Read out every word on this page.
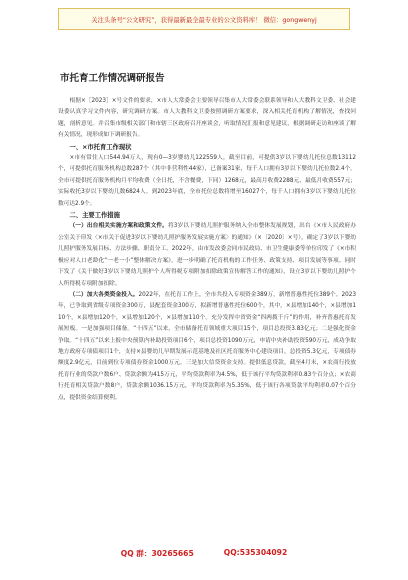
关注头条号“公文研究”，获得最新最全最专业的公文资料库！ 微信：gongwenyj
市托育工作情况调研报告

根据×［2023］×号文件的要求，×市人大常委会主要领导召集市人大常委会联系领导和人大教科文卫委、社会建设委认真学习文件内容，研究调研方案。市人大教科文卫委按照调研方案要求，深入相关托育机构了解情况，查找问题，剖析意见。并召集市级相关部门和市辖三区政府召开座谈会，听取情况汇报和意见建议，根据调研走访和座谈了解有关情况，现形成如下调研报告。

一、×市托育工作现状

×市有常住人口544.94万人，现有0—3岁婴幼儿122559人，截至目前，可提供3岁以下婴幼儿托位总数13112个，可提供托育服务机构总数287个（其中非营利性44家），已备案31家，每千人口拥有3岁以下婴幼儿托位数2.4个。全市可提供托育服务机构月平均收费（全日托，不含餐费，下同）1268元，最高月收费2288元，最低月收费557元；实际收托3岁以下婴幼儿数6824人。到2023年底，全市托位总数将增至16027个，每千人口拥有3岁以下婴幼儿托位数可达2.9个。

二、主要工作措施

（一）出台相关实施方案和政策文件。将3岁以下婴幼儿照护服务纳入全市整体发展规划，出台《×市人民政府办公室关于印发〈×市关于促进3岁以下婴幼儿照护服务发展实施方案〉的通知》（×〔2020〕×号），确定了3岁以下婴幼儿照护服务发展目标、方法步骤、职责分工。2022年，由市发改委会同市民政局、市卫生健康委等单位印发了《×市积极应对人口老龄化“一老一小”整体解决方案》，进一步明确了托育机构的工作任务、政策支持、项目发展等事项。同时下发了《关于做好3岁以下婴幼儿照护个人所得税专项附加扣除政策宣传解答工作的通知》，设立3岁以下婴幼儿照护个人所得税专项附加扣除。

（二）加大各类资金投入。2022年，在托育工作上，全市共投入专项资金389万，新增普惠性托位389个。2023年，已争取到省级专项资金300万，县配套资金300万，拟新增普惠性托位600个，其中，×县增加140个，×县增加110个，×县增加120个，×县增加120个，×县增加110个。充分发挥中省资金“四两拨千斤”的作用，补齐普惠托育发展短板。一是加强项目储备。“十四五”以来，全市储备托育领域重大项目15个，项目总投资3.83亿元；二是强化资金争取。“十四五”以来上报中央预算内补助投资项目6个，项目总投资1090万元，申请中央补助投资590万元，成功争取地方政府专项债项目1个，支持×县婴幼儿早期发展示范基地及社区托育服务中心建设项目，总投资5.3亿元，专项债券额度2.9亿元，目前到位专项债券资金1000万元。三是加大信贷资金支持。提供低息贷款，截至4月末，×农商行投放托育行业的贷款户数6户、贷款余额为415万元，平均贷款利率为4.5%，低于该行平均贷款利率0.83个百分点；×农商行托育相关贷款户数8户，贷款余额1036.15万元，平均贷款利率为5.35%，低于该行各项贷款平均利率0.07个百分点，提供资金结算便利。

QQ 群：30265665	QQ:535304092
